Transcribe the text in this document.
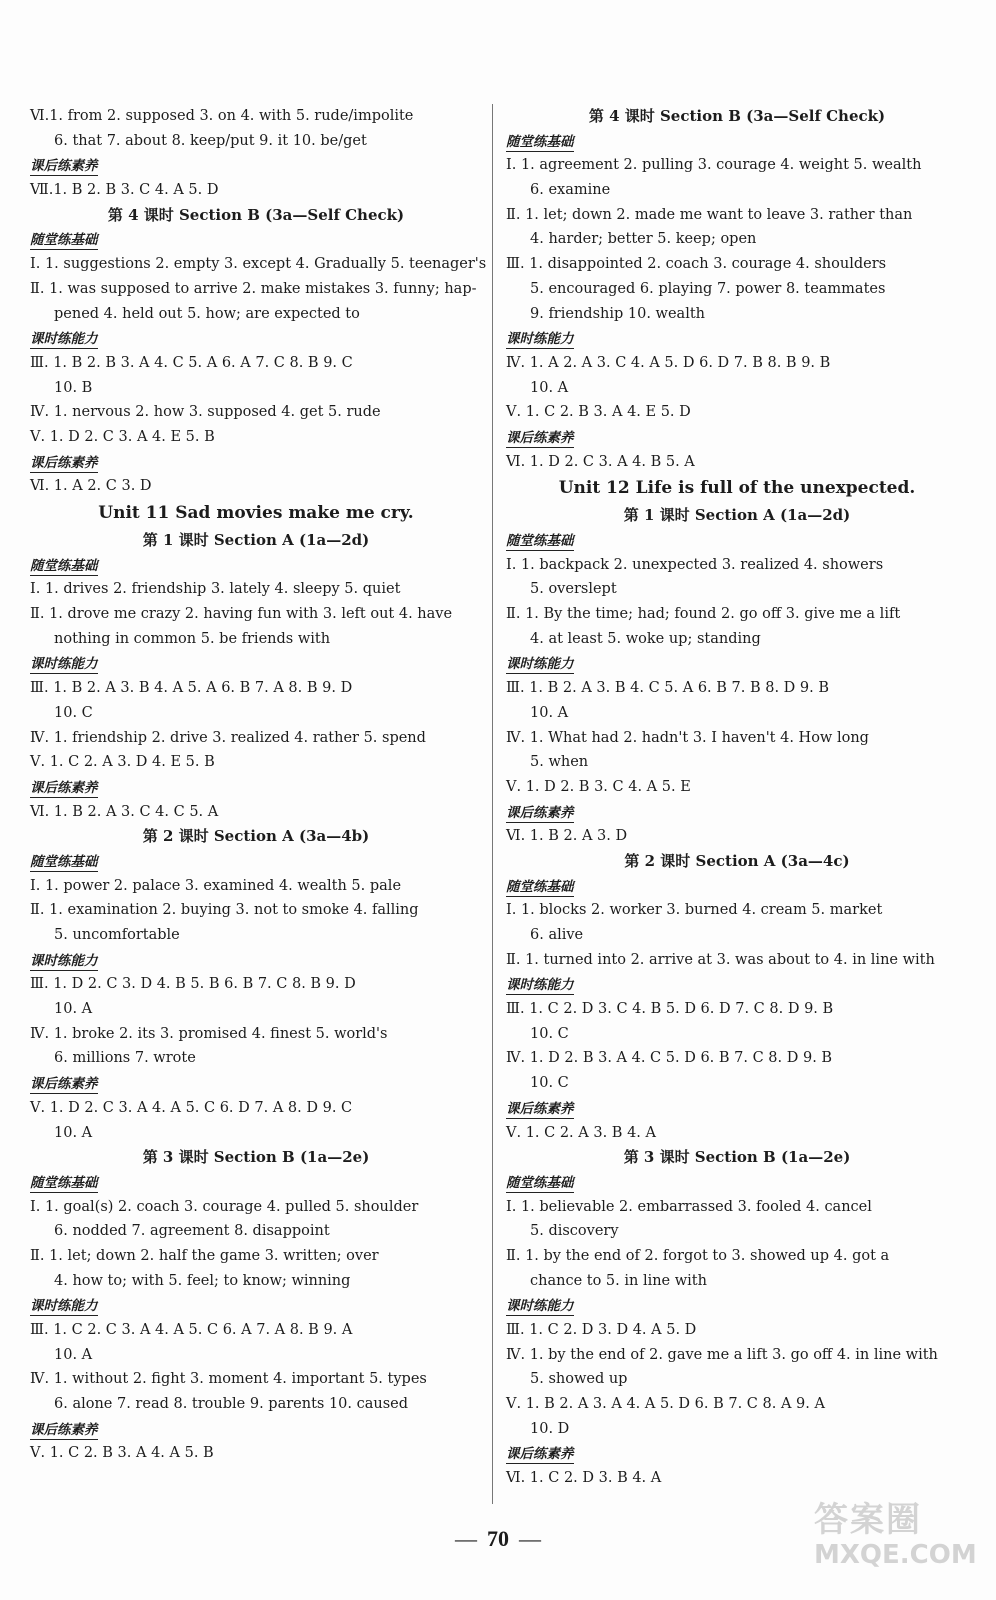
Ⅵ.1. from 2. supposed 3. on 4. with 5. rude/impolite
6. that 7. about 8. keep/put 9. it 10. be/get
课后练素养
Ⅶ.1. B 2. B 3. C 4. A 5. D
第 4 课时 Section B (3a—Self Check)
随堂练基础
Ⅰ. 1. suggestions 2. empty 3. except 4. Gradually 5. teenager's
Ⅱ. 1. was supposed to arrive 2. make mistakes 3. funny; hap-
pened 4. held out 5. how; are expected to
课时练能力
Ⅲ. 1. B 2. B 3. A 4. C 5. A 6. A 7. C 8. B 9. C
10. B
Ⅳ. 1. nervous 2. how 3. supposed 4. get 5. rude
Ⅴ. 1. D 2. C 3. A 4. E 5. B
课后练素养
Ⅵ. 1. A 2. C 3. D
Unit 11 Sad movies make me cry.
第 1 课时 Section A (1a—2d)
随堂练基础
Ⅰ. 1. drives 2. friendship 3. lately 4. sleepy 5. quiet
Ⅱ. 1. drove me crazy 2. having fun with 3. left out 4. have
nothing in common 5. be friends with
课时练能力
Ⅲ. 1. B 2. A 3. B 4. A 5. A 6. B 7. A 8. B 9. D
10. C
Ⅳ. 1. friendship 2. drive 3. realized 4. rather 5. spend
Ⅴ. 1. C 2. A 3. D 4. E 5. B
课后练素养
Ⅵ. 1. B 2. A 3. C 4. C 5. A
第 2 课时 Section A (3a—4b)
随堂练基础
Ⅰ. 1. power 2. palace 3. examined 4. wealth 5. pale
Ⅱ. 1. examination 2. buying 3. not to smoke 4. falling
5. uncomfortable
课时练能力
Ⅲ. 1. D 2. C 3. D 4. B 5. B 6. B 7. C 8. B 9. D
10. A
Ⅳ. 1. broke 2. its 3. promised 4. finest 5. world's
6. millions 7. wrote
课后练素养
Ⅴ. 1. D 2. C 3. A 4. A 5. C 6. D 7. A 8. D 9. C
10. A
第 3 课时 Section B (1a—2e)
随堂练基础
Ⅰ. 1. goal(s) 2. coach 3. courage 4. pulled 5. shoulder
6. nodded 7. agreement 8. disappoint
Ⅱ. 1. let; down 2. half the game 3. written; over
4. how to; with 5. feel; to know; winning
课时练能力
Ⅲ. 1. C 2. C 3. A 4. A 5. C 6. A 7. A 8. B 9. A
10. A
Ⅳ. 1. without 2. fight 3. moment 4. important 5. types
6. alone 7. read 8. trouble 9. parents 10. caused
课后练素养
Ⅴ. 1. C 2. B 3. A 4. A 5. B
第 4 课时 Section B (3a—Self Check)
随堂练基础
Ⅰ. 1. agreement 2. pulling 3. courage 4. weight 5. wealth
6. examine
Ⅱ. 1. let; down 2. made me want to leave 3. rather than
4. harder; better 5. keep; open
Ⅲ. 1. disappointed 2. coach 3. courage 4. shoulders
5. encouraged 6. playing 7. power 8. teammates
9. friendship 10. wealth
课时练能力
Ⅳ. 1. A 2. A 3. C 4. A 5. D 6. D 7. B 8. B 9. B
10. A
Ⅴ. 1. C 2. B 3. A 4. E 5. D
课后练素养
Ⅵ. 1. D 2. C 3. A 4. B 5. A
Unit 12 Life is full of the unexpected.
第 1 课时 Section A (1a—2d)
随堂练基础
Ⅰ. 1. backpack 2. unexpected 3. realized 4. showers
5. overslept
Ⅱ. 1. By the time; had; found 2. go off 3. give me a lift
4. at least 5. woke up; standing
课时练能力
Ⅲ. 1. B 2. A 3. B 4. C 5. A 6. B 7. B 8. D 9. B
10. A
Ⅳ. 1. What had 2. hadn't 3. I haven't 4. How long
5. when
Ⅴ. 1. D 2. B 3. C 4. A 5. E
课后练素养
Ⅵ. 1. B 2. A 3. D
第 2 课时 Section A (3a—4c)
随堂练基础
Ⅰ. 1. blocks 2. worker 3. burned 4. cream 5. market
6. alive
Ⅱ. 1. turned into 2. arrive at 3. was about to 4. in line with
课时练能力
Ⅲ. 1. C 2. D 3. C 4. B 5. D 6. D 7. C 8. D 9. B
10. C
Ⅳ. 1. D 2. B 3. A 4. C 5. D 6. B 7. C 8. D 9. B
10. C
课后练素养
Ⅴ. 1. C 2. A 3. B 4. A
第 3 课时 Section B (1a—2e)
随堂练基础
Ⅰ. 1. believable 2. embarrassed 3. fooled 4. cancel
5. discovery
Ⅱ. 1. by the end of 2. forgot to 3. showed up 4. got a
chance to 5. in line with
课时练能力
Ⅲ. 1. C 2. D 3. D 4. A 5. D
Ⅳ. 1. by the end of 2. gave me a lift 3. go off 4. in line with
5. showed up
Ⅴ. 1. B 2. A 3. A 4. A 5. D 6. B 7. C 8. A 9. A
10. D
课后练素养
Ⅵ. 1. C 2. D 3. B 4. A
— 70 —	答案圈
MXQE.COM
